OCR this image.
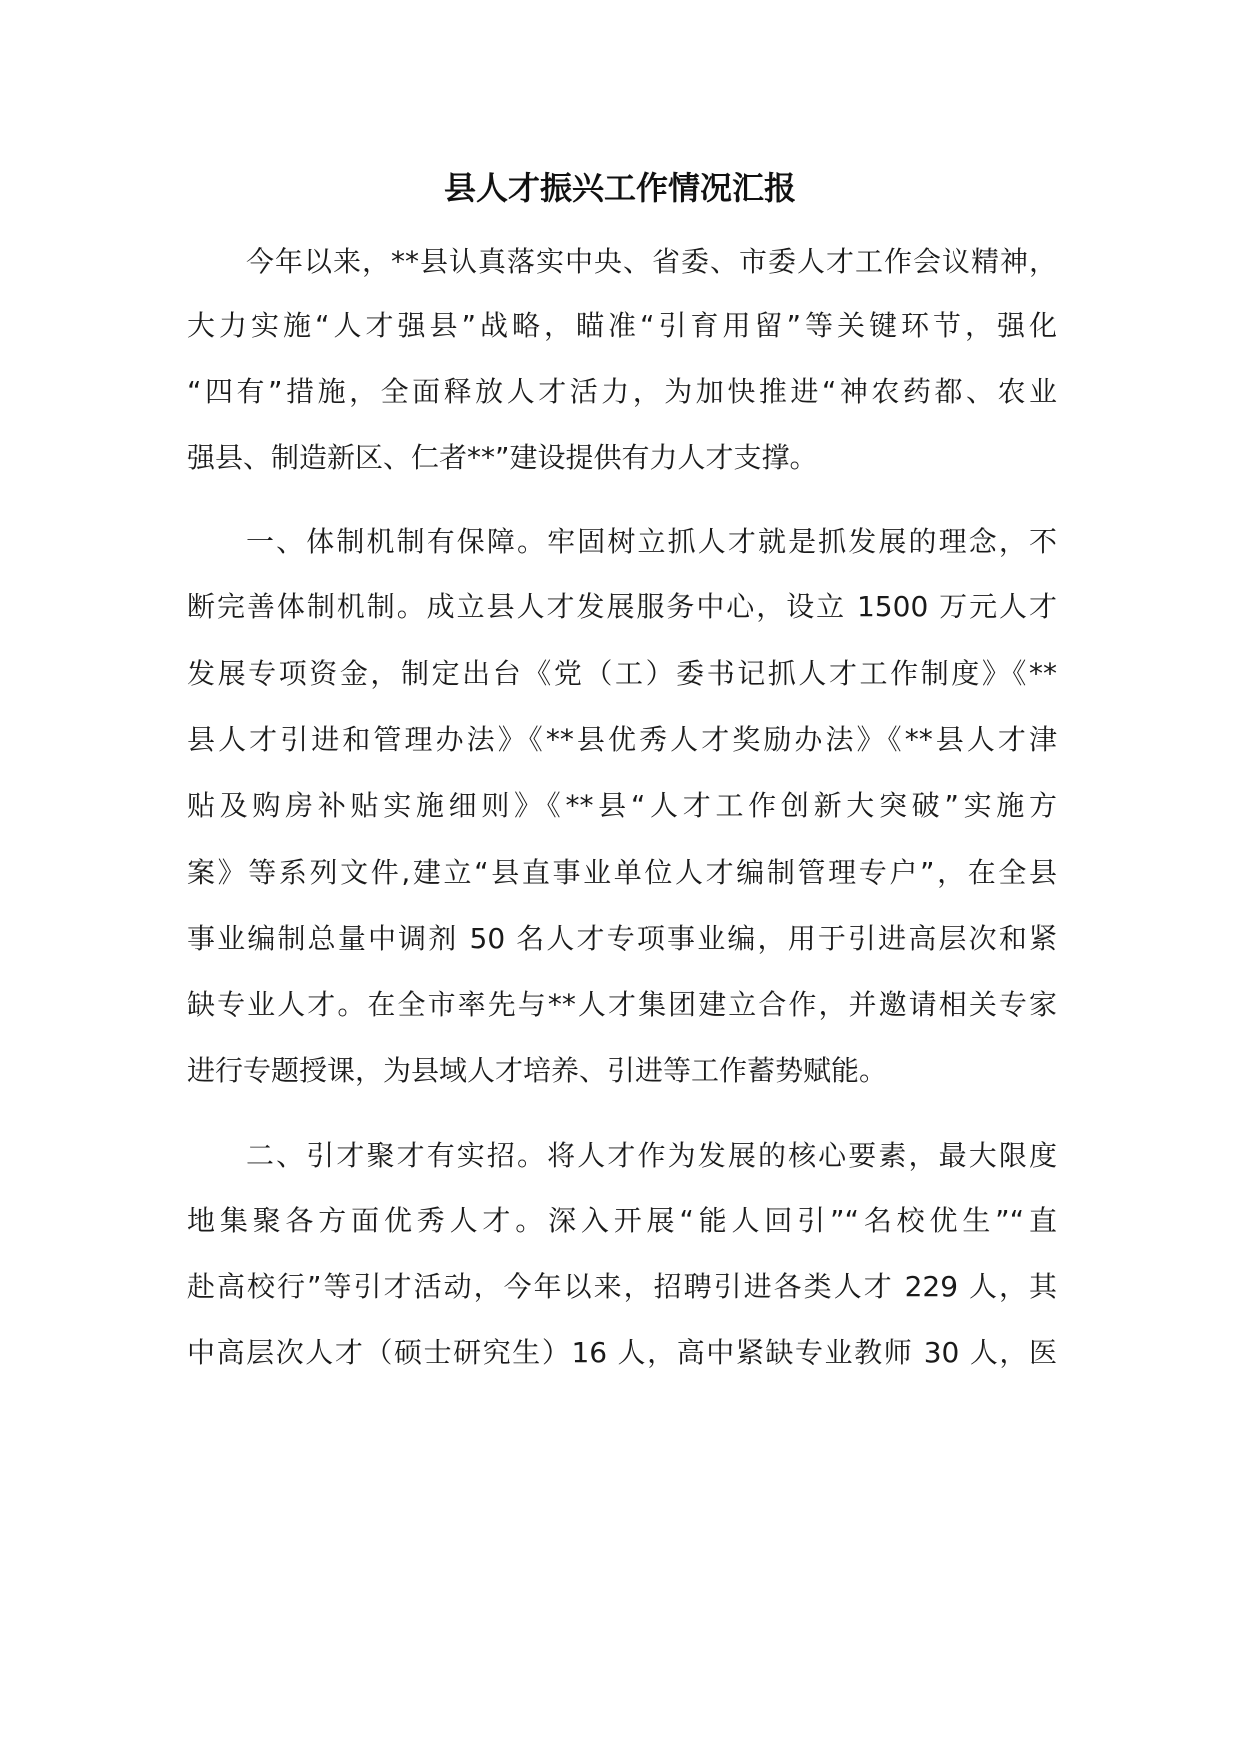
县人才振兴工作情况汇报

今年以来，**县认真落实中央、省委、市委人才工作会议精神，

大力实施“人才强县”战略，瞄准“引育用留”等关键环节，强化

“四有”措施，全面释放人才活力，为加快推进“神农药都、农业

强县、制造新区、仁者**”建设提供有力人才支撑。

一、体制机制有保障。牢固树立抓人才就是抓发展的理念，不

断完善体制机制。成立县人才发展服务中心，设立 1500 万元人才

发展专项资金，制定出台《党（工）委书记抓人才工作制度》《**

县人才引进和管理办法》《**县优秀人才奖励办法》《**县人才津

贴及购房补贴实施细则》《**县“人才工作创新大突破”实施方

案》等系列文件,建立“县直事业单位人才编制管理专户”，在全县

事业编制总量中调剂 50 名人才专项事业编，用于引进高层次和紧

缺专业人才。在全市率先与**人才集团建立合作，并邀请相关专家

进行专题授课，为县域人才培养、引进等工作蓄势赋能。

二、引才聚才有实招。将人才作为发展的核心要素，最大限度

地集聚各方面优秀人才。深入开展“能人回引”“名校优生”“直

赴高校行”等引才活动，今年以来，招聘引进各类人才 229 人，其

中高层次人才（硕士研究生）16 人，高中紧缺专业教师 30 人，医
